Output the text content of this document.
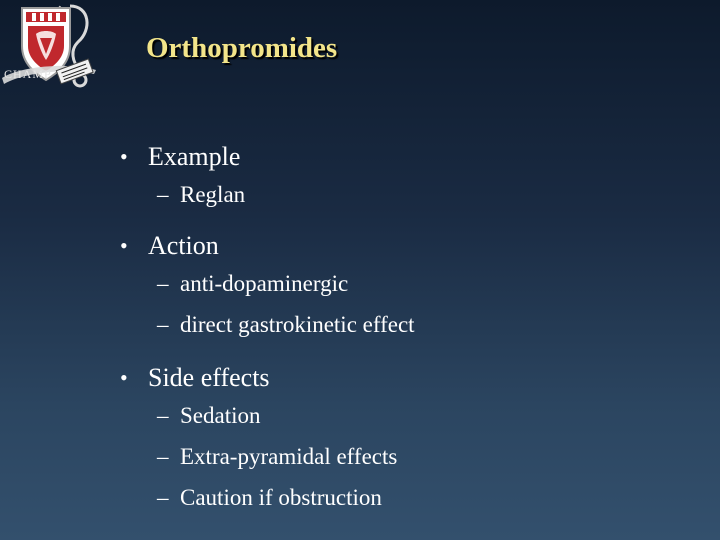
CHAMP
Orthopromides
• Example
– Reglan
• Action
– anti-dopaminergic
– direct gastrokinetic effect
• Side effects
– Sedation
– Extra-pyramidal effects
– Caution if obstruction
